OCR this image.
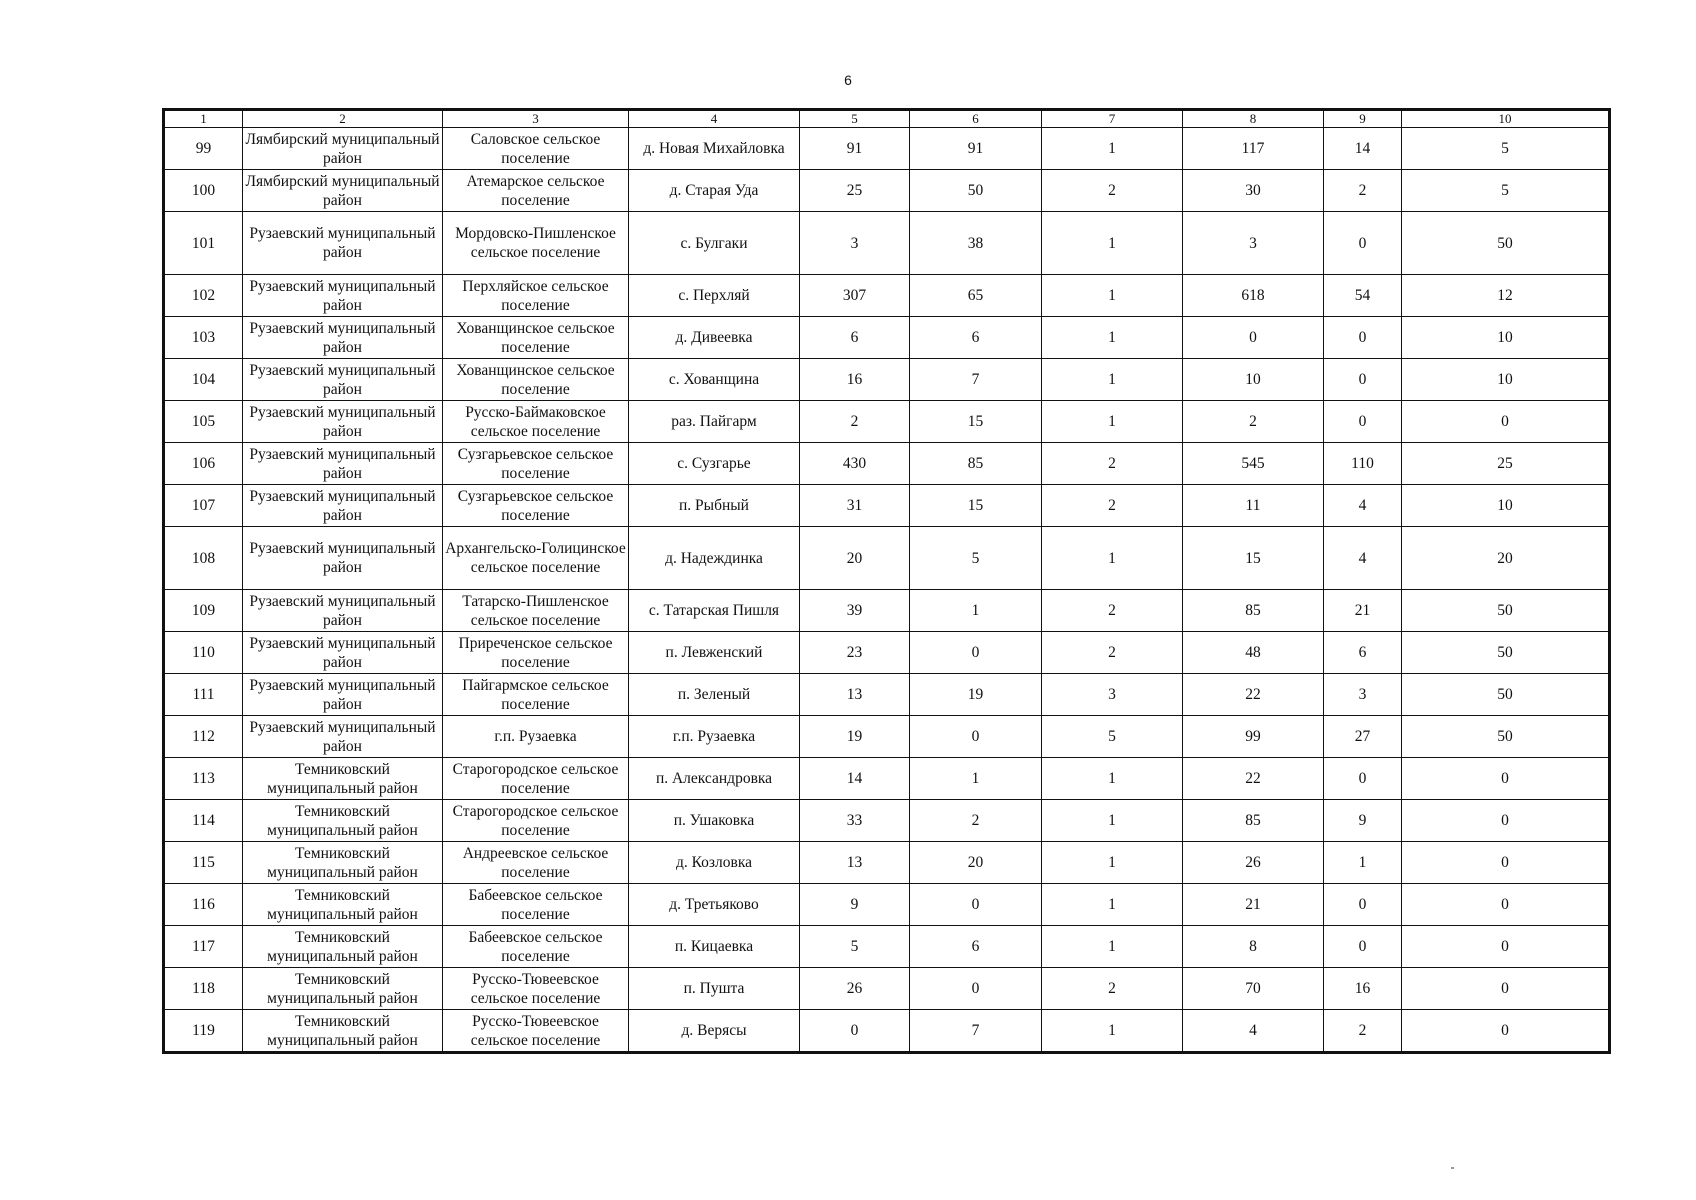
6
1	2	3	4	5	6	7	8	9	10
99	Лямбирский муниципальный район	Саловское сельское поселение	д. Новая Михайловка	91	91	1	117	14	5
100	Лямбирский муниципальный район	Атемарское сельское поселение	д. Старая Уда	25	50	2	30	2	5
101	Рузаевский муниципальный район	Мордовско-Пишленское сельское поселение	с. Булгаки	3	38	1	3	0	50
102	Рузаевский муниципальный район	Перхляйское сельское поселение	с. Перхляй	307	65	1	618	54	12
103	Рузаевский муниципальный район	Хованщинское сельское поселение	д. Дивеевка	6	6	1	0	0	10
104	Рузаевский муниципальный район	Хованщинское сельское поселение	с. Хованщина	16	7	1	10	0	10
105	Рузаевский муниципальный район	Русско-Баймаковское сельское поселение	раз. Пайгарм	2	15	1	2	0	0
106	Рузаевский муниципальный район	Сузгарьевское сельское поселение	с. Сузгарье	430	85	2	545	110	25
107	Рузаевский муниципальный район	Сузгарьевское сельское поселение	п. Рыбный	31	15	2	11	4	10
108	Рузаевский муниципальный район	Архангельско-Голицинское сельское поселение	д. Надеждинка	20	5	1	15	4	20
109	Рузаевский муниципальный район	Татарско-Пишленское сельское поселение	с. Татарская Пишля	39	1	2	85	21	50
110	Рузаевский муниципальный район	Приреченское сельское поселение	п. Левженский	23	0	2	48	6	50
111	Рузаевский муниципальный район	Пайгармское сельское поселение	п. Зеленый	13	19	3	22	3	50
112	Рузаевский муниципальный район	г.п. Рузаевка	г.п. Рузаевка	19	0	5	99	27	50
113	Темниковский муниципальный район	Старогородское сельское поселение	п. Александровка	14	1	1	22	0	0
114	Темниковский муниципальный район	Старогородское сельское поселение	п. Ушаковка	33	2	1	85	9	0
115	Темниковский муниципальный район	Андреевское сельское поселение	д. Козловка	13	20	1	26	1	0
116	Темниковский муниципальный район	Бабеевское сельское поселение	д. Третьяково	9	0	1	21	0	0
117	Темниковский муниципальный район	Бабеевское сельское поселение	п. Кицаевка	5	6	1	8	0	0
118	Темниковский муниципальный район	Русско-Тювеевское сельское поселение	п. Пушта	26	0	2	70	16	0
119	Темниковский муниципальный район	Русско-Тювеевское сельское поселение	д. Верясы	0	7	1	4	2	0
